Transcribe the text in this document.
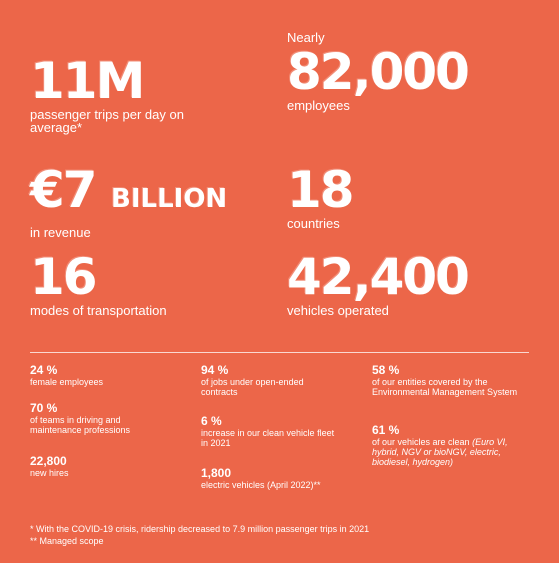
11M
passenger trips per day on average*
Nearly
82,000
employees
€7 BILLION
in revenue
18
countries
16
modes of transportation
42,400
vehicles operated
24 %
female employees
70 %
of teams in driving and maintenance professions
22,800
new hires
94 %
of jobs under open-ended contracts
6 %
increase in our clean vehicle fleet in 2021
1,800
electric vehicles (April 2022)**
58 %
of our entities covered by the Environmental Management System
61 %
of our vehicles are clean (Euro VI, hybrid, NGV or bioNGV, electric, biodiesel, hydrogen)
* With the COVID-19 crisis, ridership decreased to 7.9 million passenger trips in 2021
** Managed scope
